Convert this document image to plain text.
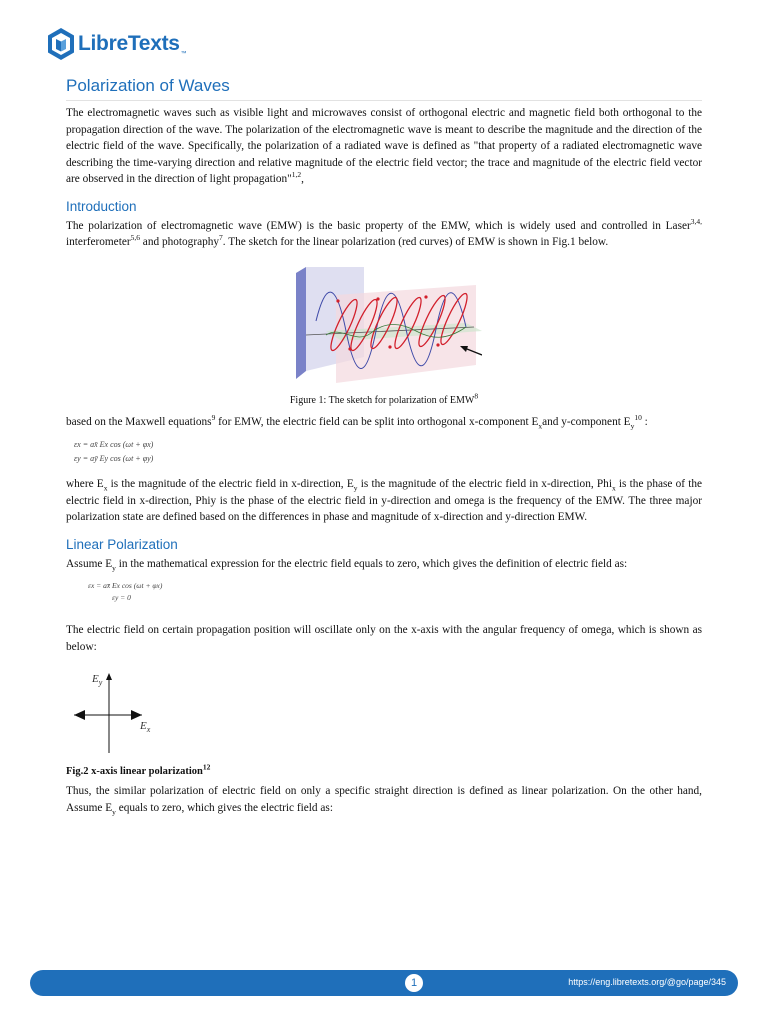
LibreTexts ™
Polarization of Waves

The electromagnetic waves such as visible light and microwaves consist of orthogonal electric and magnetic field both orthogonal to the propagation direction of the wave. The polarization of the electromagnetic wave is meant to describe the magnitude and the direction of the electric field of the wave. Specifically, the polarization of a radiated wave is defined as "that property of a radiated electromagnetic wave describing the time-varying direction and relative magnitude of the electric field vector; the trace and magnitude of the electric field vector are observed in the direction of light propagation"$^{1,2}$,

Introduction

The polarization of electromagnetic wave (EMW) is the basic property of the EMW, which is widely used and controlled in Laser$^{3,4,}$ interferometer$^{5,6}$ and photography$^7$. The sketch for the linear polarization (red curves) of EMW is shown in Fig.1 below.

Figure 1: The sketch for polarization of EMW$^8$

based on the Maxwell equations$^9$ for EMW, the electric field can be split into orthogonal x-component $E_xand$ y-component $E_y^{10}$ :

εx = ax̄ Ex cos (ωt + φx)
εy = aȳ Ey cos (ωt + φy)

where $E_x$ is the magnitude of the electric field in x-direction, $E_y$ is the magnitude of the electric field in x-direction, Phi$_x$ is the phase of the electric field in x-direction, Phiy is the phase of the electric field in y-direction and omega is the frequency of the EMW. The three major polarization state are defined based on the differences in phase and magnitude of x-direction and y-direction EMW.

Linear Polarization

Assume $E_y$ in the mathematical expression for the electric field equals to zero, which gives the definition of electric field as:

εx = ax̄ Ex cos (ωt + φx)
εy = 0

The electric field on certain propagation position will oscillate only on the x-axis with the angular frequency of omega, which is shown as below:

$E_y$
$E_x$
Fig.2 x-axis linear polarization$^{12}$

Thus, the similar polarization of electric field on only a specific straight direction is defined as linear polarization. On the other hand, Assume $E_y$ equals to zero, which gives the electric field as:

1	https://eng.libretexts.org/@go/page/345
